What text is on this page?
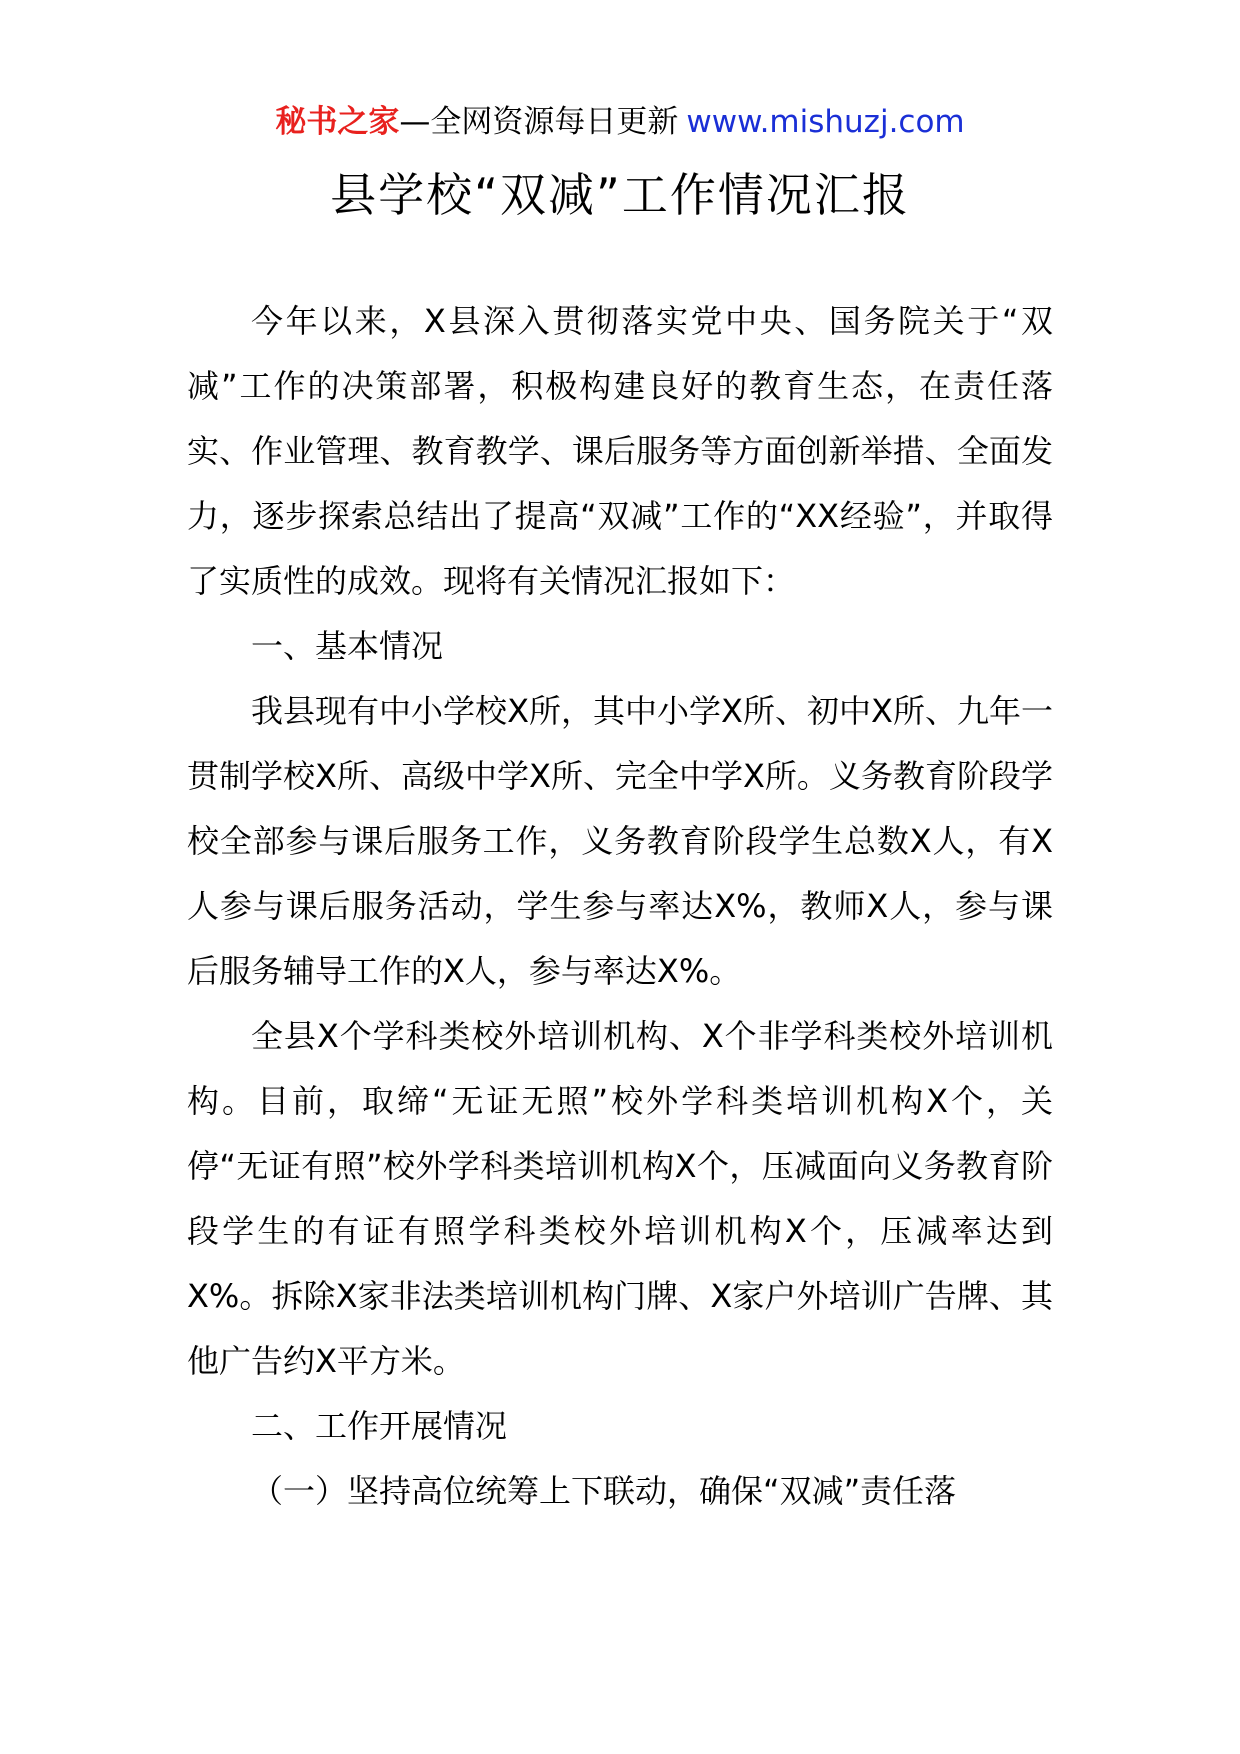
秘书之家—全网资源每日更新 www.mishuzj.com
县学校“双减”工作情况汇报

今年以来，X县深入贯彻落实党中央、国务院关于“双减”工作的决策部署，积极构建良好的教育生态，在责任落实、作业管理、教育教学、课后服务等方面创新举措、全面发力，逐步探索总结出了提高“双减”工作的“XX经验”，并取得了实质性的成效。现将有关情况汇报如下：

一、基本情况

我县现有中小学校X所，其中小学X所、初中X所、九年一贯制学校X所、高级中学X所、完全中学X所。义务教育阶段学校全部参与课后服务工作，义务教育阶段学生总数X人，有X人参与课后服务活动，学生参与率达X%，教师X人，参与课后服务辅导工作的X人，参与率达X%。

全县X个学科类校外培训机构、X个非学科类校外培训机构。目前，取缔“无证无照”校外学科类培训机构X个，关停“无证有照”校外学科类培训机构X个，压减面向义务教育阶段学生的有证有照学科类校外培训机构X个，压减率达到X%。拆除X家非法类培训机构门牌、X家户外培训广告牌、其他广告约X平方米。

二、工作开展情况

（一）坚持高位统筹上下联动，确保“双减”责任落
